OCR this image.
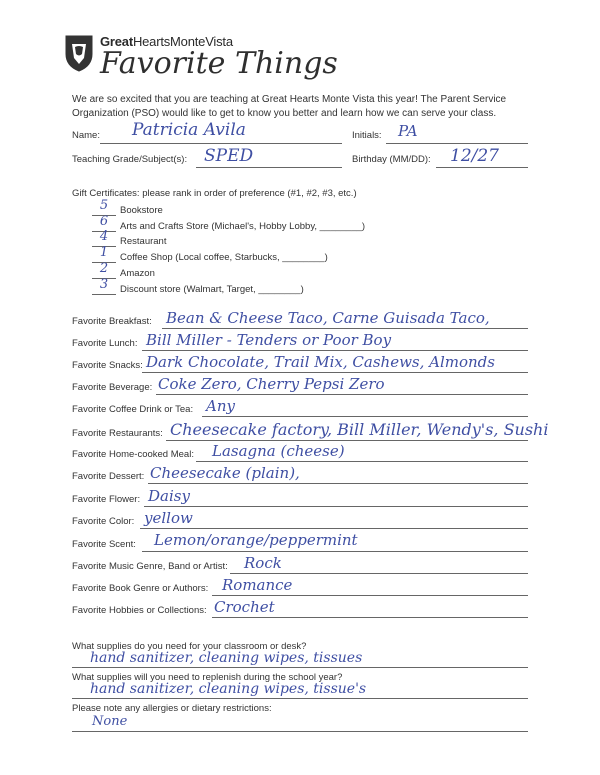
GreatHeartsMonteVista
Favorite Things
We are so excited that you are teaching at Great Hearts Monte Vista this year! The Parent Service Organization (PSO) would like to get to know you better and learn how we can serve your class.
Name: Patricia Avila	Initials: PA
Teaching Grade/Subject(s): SPED	Birthday (MM/DD): 12/27
Gift Certificates: please rank in order of preference (#1, #2, #3, etc.)
5	Bookstore
6	Arts and Crafts Store (Michael's, Hobby Lobby, ________)
4	Restaurant
1	Coffee Shop (Local coffee, Starbucks, ________)
2	Amazon
3	Discount store (Walmart, Target, ________)
Favorite Breakfast: Bean & Cheese Taco, Carne Guisada Taco,
Favorite Lunch: Bill Miller - Tenders or Poor Boy
Favorite Snacks: Dark Chocolate, Trail Mix, Cashews, Almonds
Favorite Beverage: Coke Zero, Cherry Pepsi Zero
Favorite Coffee Drink or Tea: Any
Favorite Restaurants: Cheesecake factory, Bill Miller, Wendy's, Sushi
Favorite Home-cooked Meal: Lasagna (cheese)
Favorite Dessert: Cheesecake (plain),
Favorite Flower: Daisy
Favorite Color: yellow
Favorite Scent: Lemon/orange/peppermint
Favorite Music Genre, Band or Artist: Rock
Favorite Book Genre or Authors: Romance
Favorite Hobbies or Collections: Crochet
What supplies do you need for your classroom or desk?
hand sanitizer, cleaning wipes, tissues
What supplies will you need to replenish during the school year?
hand sanitizer, cleaning wipes, tissue's
Please note any allergies or dietary restrictions:
None
